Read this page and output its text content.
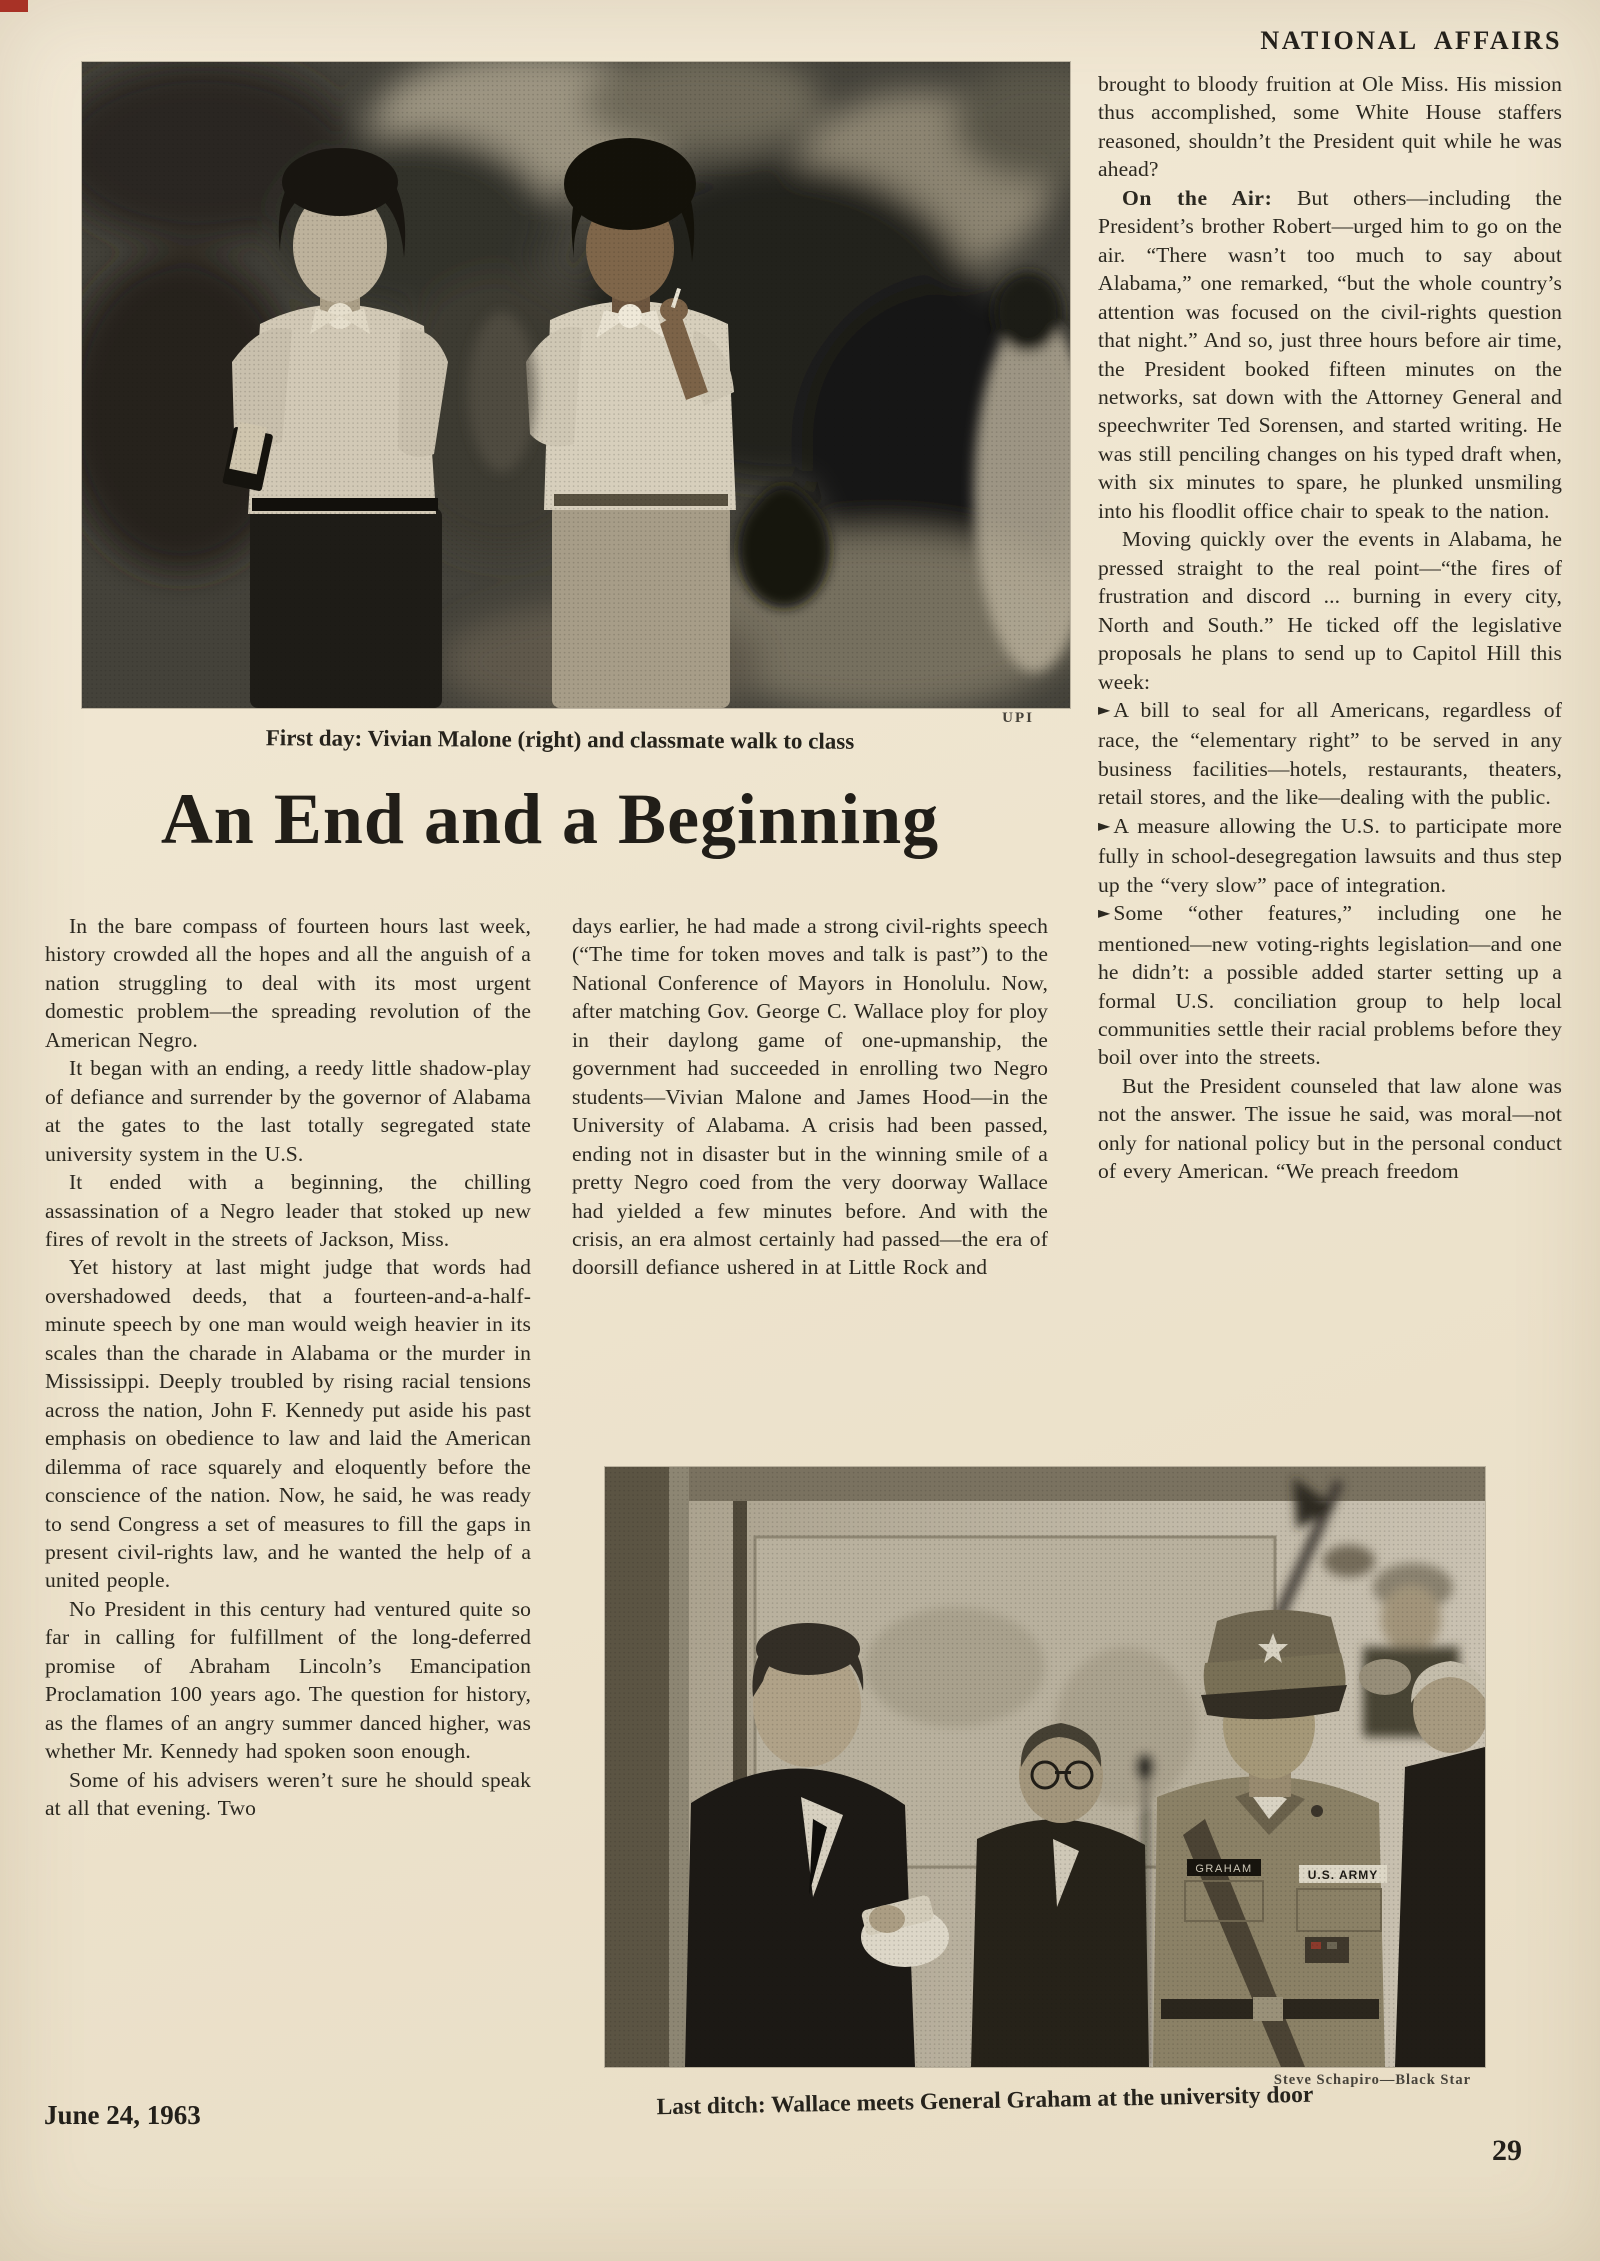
NATIONAL AFFAIRS
UPI
First day: Vivian Malone (right) and classmate walk to class
An End and a Beginning

In the bare compass of fourteen hours last week, history crowded all the hopes and all the anguish of a nation struggling to deal with its most urgent domestic problem—the spreading revolution of the American Negro.

It began with an ending, a reedy little shadow-play of defiance and surrender by the governor of Alabama at the gates to the last totally segregated state university system in the U.S.

It ended with a beginning, the chilling assassination of a Negro leader that stoked up new fires of revolt in the streets of Jackson, Miss.

Yet history at last might judge that words had overshadowed deeds, that a fourteen-and-a-half-minute speech by one man would weigh heavier in its scales than the charade in Alabama or the murder in Mississippi. Deeply troubled by rising racial tensions across the nation, John F. Kennedy put aside his past emphasis on obedience to law and laid the American dilemma of race squarely and eloquently before the conscience of the nation. Now, he said, he was ready to send Congress a set of measures to fill the gaps in present civil-rights law, and he wanted the help of a united people.

No President in this century had ventured quite so far in calling for fulfillment of the long-deferred promise of Abraham Lincoln’s Emancipation Proclamation 100 years ago. The question for history, as the flames of an angry summer danced higher, was whether Mr. Kennedy had spoken soon enough.

Some of his advisers weren’t sure he should speak at all that evening. Two

days earlier, he had made a strong civil-rights speech (“The time for token moves and talk is past”) to the National Conference of Mayors in Honolulu. Now, after matching Gov. George C. Wallace ploy for ploy in their daylong game of one-upmanship, the government had succeeded in enrolling two Negro students—Vivian Malone and James Hood—in the University of Alabama. A crisis had been passed, ending not in disaster but in the winning smile of a pretty Negro coed from the very doorway Wallace had yielded a few minutes before. And with the crisis, an era almost certainly had passed—the era of doorsill defiance ushered in at Little Rock and

brought to bloody fruition at Ole Miss. His mission thus accomplished, some White House staffers reasoned, shouldn’t the President quit while he was ahead?

On the Air: But others—including the President’s brother Robert—urged him to go on the air. “There wasn’t too much to say about Alabama,” one remarked, “but the whole country’s attention was focused on the civil-rights question that night.” And so, just three hours before air time, the President booked fifteen minutes on the networks, sat down with the Attorney General and speechwriter Ted Sorensen, and started writing. He was still penciling changes on his typed draft when, with six minutes to spare, he plunked unsmiling into his floodlit office chair to speak to the nation.

Moving quickly over the events in Alabama, he pressed straight to the real point—“the fires of frustration and discord ... burning in every city, North and South.” He ticked off the legislative proposals he plans to send up to Capitol Hill this week:

► A bill to seal for all Americans, regardless of race, the “elementary right” to be served in any business facilities—hotels, restaurants, theaters, retail stores, and the like—dealing with the public.

► A measure allowing the U.S. to participate more fully in school-desegregation lawsuits and thus step up the “very slow” pace of integration.

► Some “other features,” including one he mentioned—new voting-rights legislation—and one he didn’t: a possible added starter setting up a formal U.S. conciliation group to help local communities settle their racial problems before they boil over into the streets.

But the President counseled that law alone was not the answer. The issue he said, was moral—not only for national policy but in the personal conduct of every American. “We preach freedom

Steve Schapiro—Black Star
Last ditch: Wallace meets General Graham at the university door
June 24, 1963
29
